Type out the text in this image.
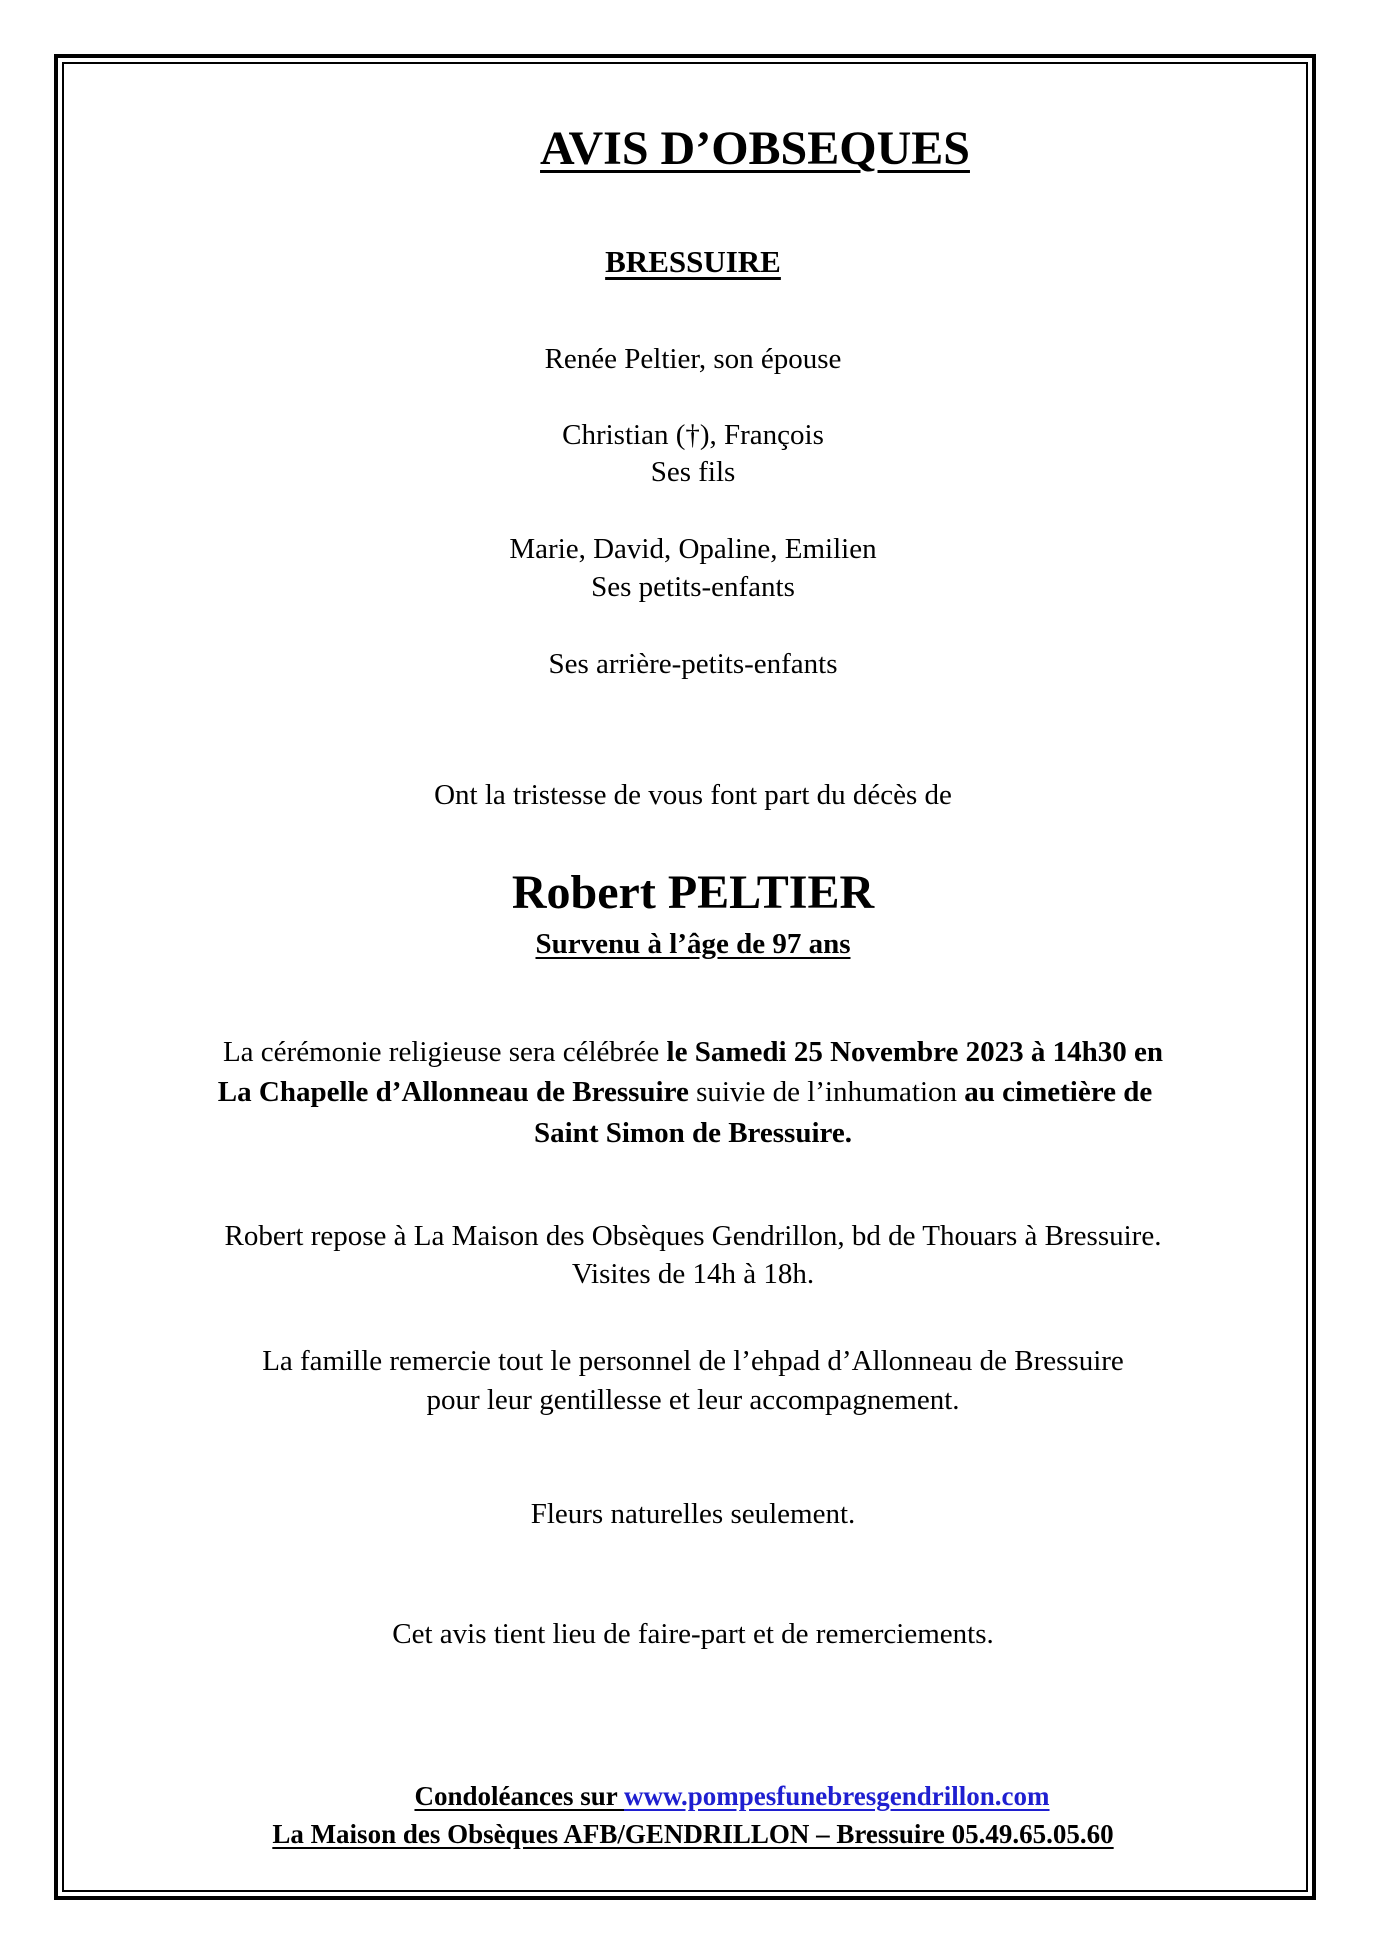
AVIS D’OBSEQUES
BRESSUIRE
Renée Peltier, son épouse
Christian (†), François
Ses fils
Marie, David, Opaline, Emilien
Ses petits-enfants
Ses arrière-petits-enfants
Ont la tristesse de vous font part du décès de
Robert PELTIER
Survenu à l’âge de 97 ans
La cérémonie religieuse sera célébrée le Samedi 25 Novembre 2023 à 14h30 en
La Chapelle d’Allonneau de Bressuire suivie de l’inhumation au cimetière de
Saint Simon de Bressuire.
Robert repose à La Maison des Obsèques Gendrillon, bd de Thouars à Bressuire.
Visites de 14h à 18h.
La famille remercie tout le personnel de l’ehpad d’Allonneau de Bressuire
pour leur gentillesse et leur accompagnement.
Fleurs naturelles seulement.
Cet avis tient lieu de faire-part et de remerciements.
Condoléances sur www.pompesfunebresgendrillon.com
La Maison des Obsèques AFB/GENDRILLON – Bressuire 05.49.65.05.60
